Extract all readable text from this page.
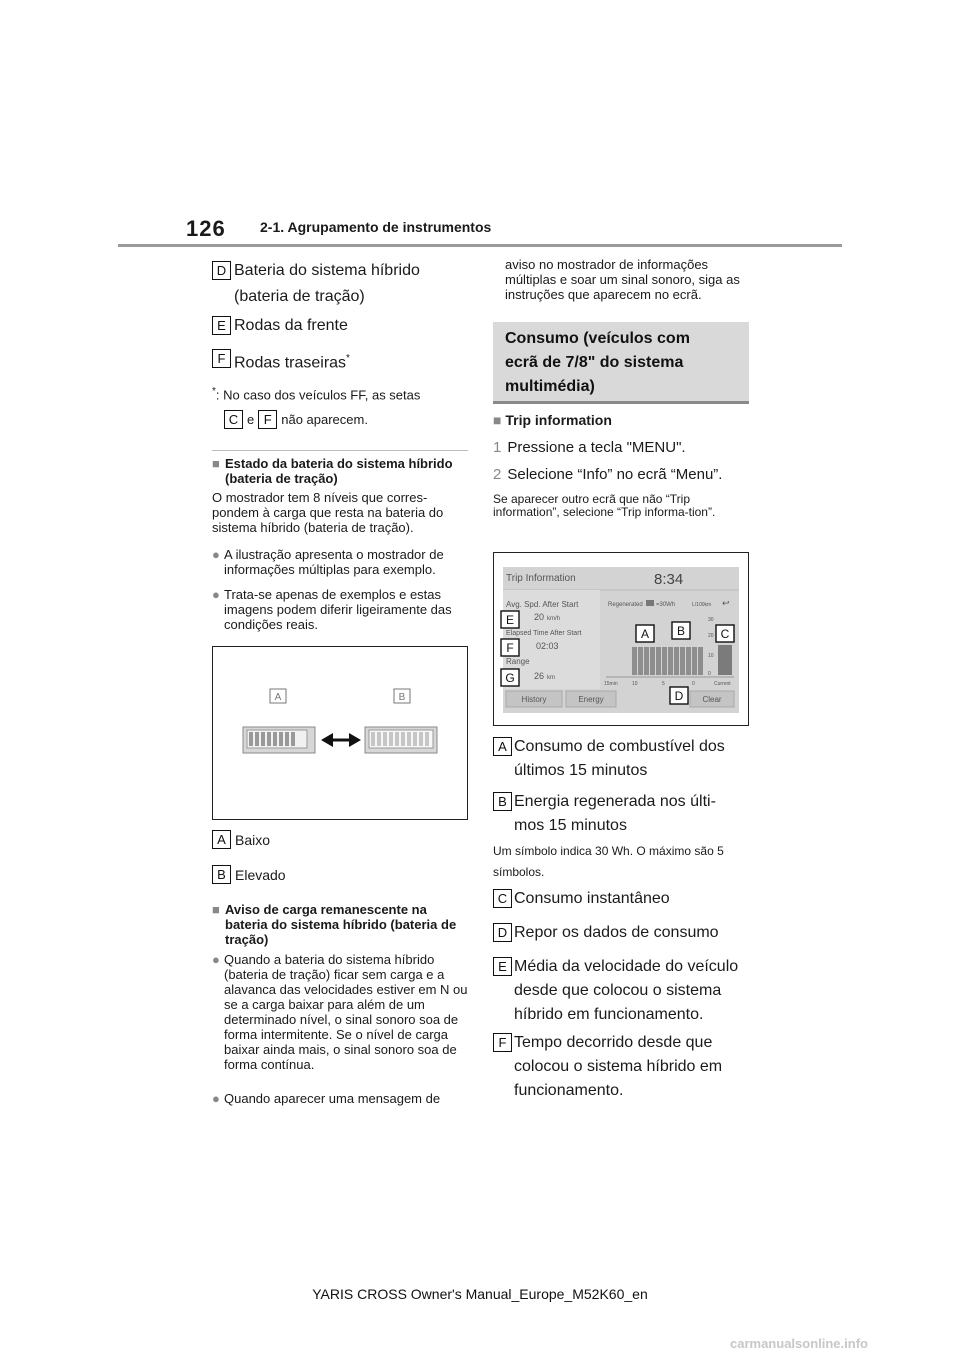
126 2-1. Agrupamento de instrumentos
D Bateria do sistema híbrido
(bateria de tração)
E Rodas da frente
F Rodas traseiras*
*: No caso dos veículos FF, as setas
C e F não aparecem.
■ Estado da bateria do sistema híbrido (bateria de tração)
O mostrador tem 8 níveis que corres-pondem à carga que resta na bateria do sistema híbrido (bateria de tração).
● A ilustração apresenta o mostrador de informações múltiplas para exemplo.
● Trata-se apenas de exemplos e estas imagens podem diferir ligeiramente das condições reais.
A	B
A Baixo
B Elevado
■ Aviso de carga remanescente na bateria do sistema híbrido (bateria de tração)
● Quando a bateria do sistema híbrido (bateria de tração) ficar sem carga e a alavanca das velocidades estiver em N ou se a carga baixar para além de um determinado nível, o sinal sonoro soa de forma intermitente. Se o nível de carga baixar ainda mais, o sinal sonoro soa de forma contínua.
● Quando aparecer uma mensagem de
aviso no mostrador de informações múltiplas e soar um sinal sonoro, siga as instruções que aparecem no ecrã.
Consumo (veículos com
ecrã de 7/8" do sistema
multimédia)
■ Trip information
1 Pressione a tecla "MENU".
2 Selecione “Info” no ecrã “Menu”.
Se aparecer outro ecrã que não “Trip information”, selecione “Trip informa-tion”.
Trip Information	8:34
Avg. Spd. After Start
20 km/h
Elapsed Time After Start
02:03
Range
26 km
Regenerated =30Wh	L/100km ↩
30
20
10
0
15min	10	5	0	Current
History	Energy	Clear
E
F
G
A B	C
D
A Consumo de combustível dos
últimos 15 minutos
B Energia regenerada nos últi-
mos 15 minutos
Um símbolo indica 30 Wh. O máximo são 5 símbolos.
C Consumo instantâneo
D Repor os dados de consumo
E Média da velocidade do veículo
desde que colocou o sistema
híbrido em funcionamento.
F Tempo decorrido desde que
colocou o sistema híbrido em
funcionamento.
YARIS CROSS Owner's Manual_Europe_M52K60_en
carmanualsonline.info
